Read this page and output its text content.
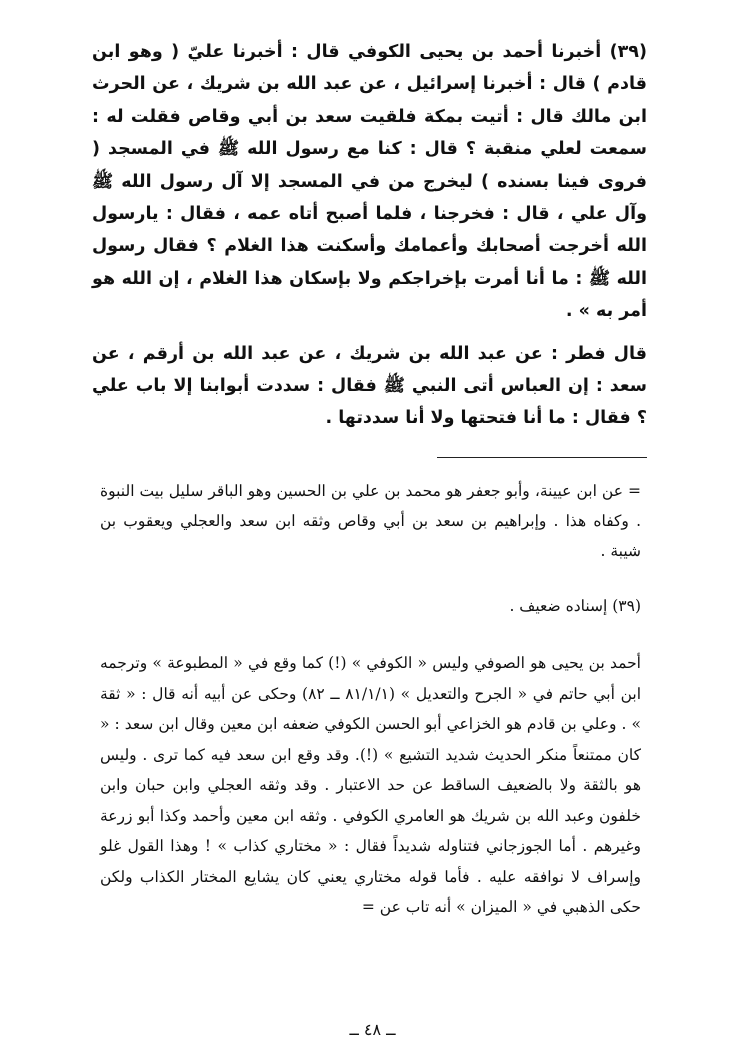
(٣٩) أخبرنا أحمد بن يحيى الكوفي قال : أخبرنا عليّ ( وهو ابن قادم ) قال : أخبرنا إسرائيل ، عن عبد الله بن شريك ، عن الحرث ابن مالك قال : أتيت بمكة فلقيت سعد بن أبي وقاص فقلت له : سمعت لعلي منقبة ؟ قال : كنا مع رسول الله ﷺ في المسجد ( فروى فينا بسنده ) ليخرج من في المسجد إلا آل رسول الله ﷺ وآل علي ، قال : فخرجنا ، فلما أصبح أتاه عمه ، فقال : يارسول الله أخرجت أصحابك وأعمامك وأسكنت هذا الغلام ؟ فقال رسول الله ﷺ : ما أنا أمرت بإخراجكم ولا بإسكان هذا الغلام ، إن الله هو أمر به » .

قال فطر : عن عبد الله بن شريك ، عن عبد الله بن أرقم ، عن سعد : إن العباس أتى النبي ﷺ فقال : سددت أبوابنا إلا باب علي ؟ فقال : ما أنا فتحتها ولا أنا سددتها .

= عن ابن عيينة، وأبو جعفر هو محمد بن علي بن الحسين وهو الباقر سليل بيت النبوة . وكفاه هذا . وإبراهيم بن سعد بن أبي وقاص وثقه ابن سعد والعجلي ويعقوب بن شيبة .

(٣٩) إسناده ضعيف .

أحمد بن يحيى هو الصوفي وليس « الكوفي » (!) كما وقع في « المطبوعة » وترجمه ابن أبي حاتم في « الجرح والتعديل » (٨١/١/١ ــ ٨٢) وحكى عن أبيه أنه قال : « ثقة » . وعلي بن قادم هو الخزاعي أبو الحسن الكوفي ضعفه ابن معين وقال ابن سعد : « كان ممتنعاً منكر الحديث شديد التشيع » (!). وقد وقع ابن سعد فيه كما ترى . وليس هو بالثقة ولا بالضعيف الساقط عن حد الاعتبار . وقد وثقه العجلي وابن حبان وابن خلفون وعبد الله بن شريك هو العامري الكوفي . وثقه ابن معين وأحمد وكذا أبو زرعة وغيرهم . أما الجوزجاني فتناوله شديداً فقال : « مختاري كذاب » ! وهذا القول غلو وإسراف لا نوافقه عليه . فأما قوله مختاري يعني كان يشايع المختار الكذاب ولكن حكى الذهبي في « الميزان » أنه تاب عن =

ــ ٤٨ ــ
